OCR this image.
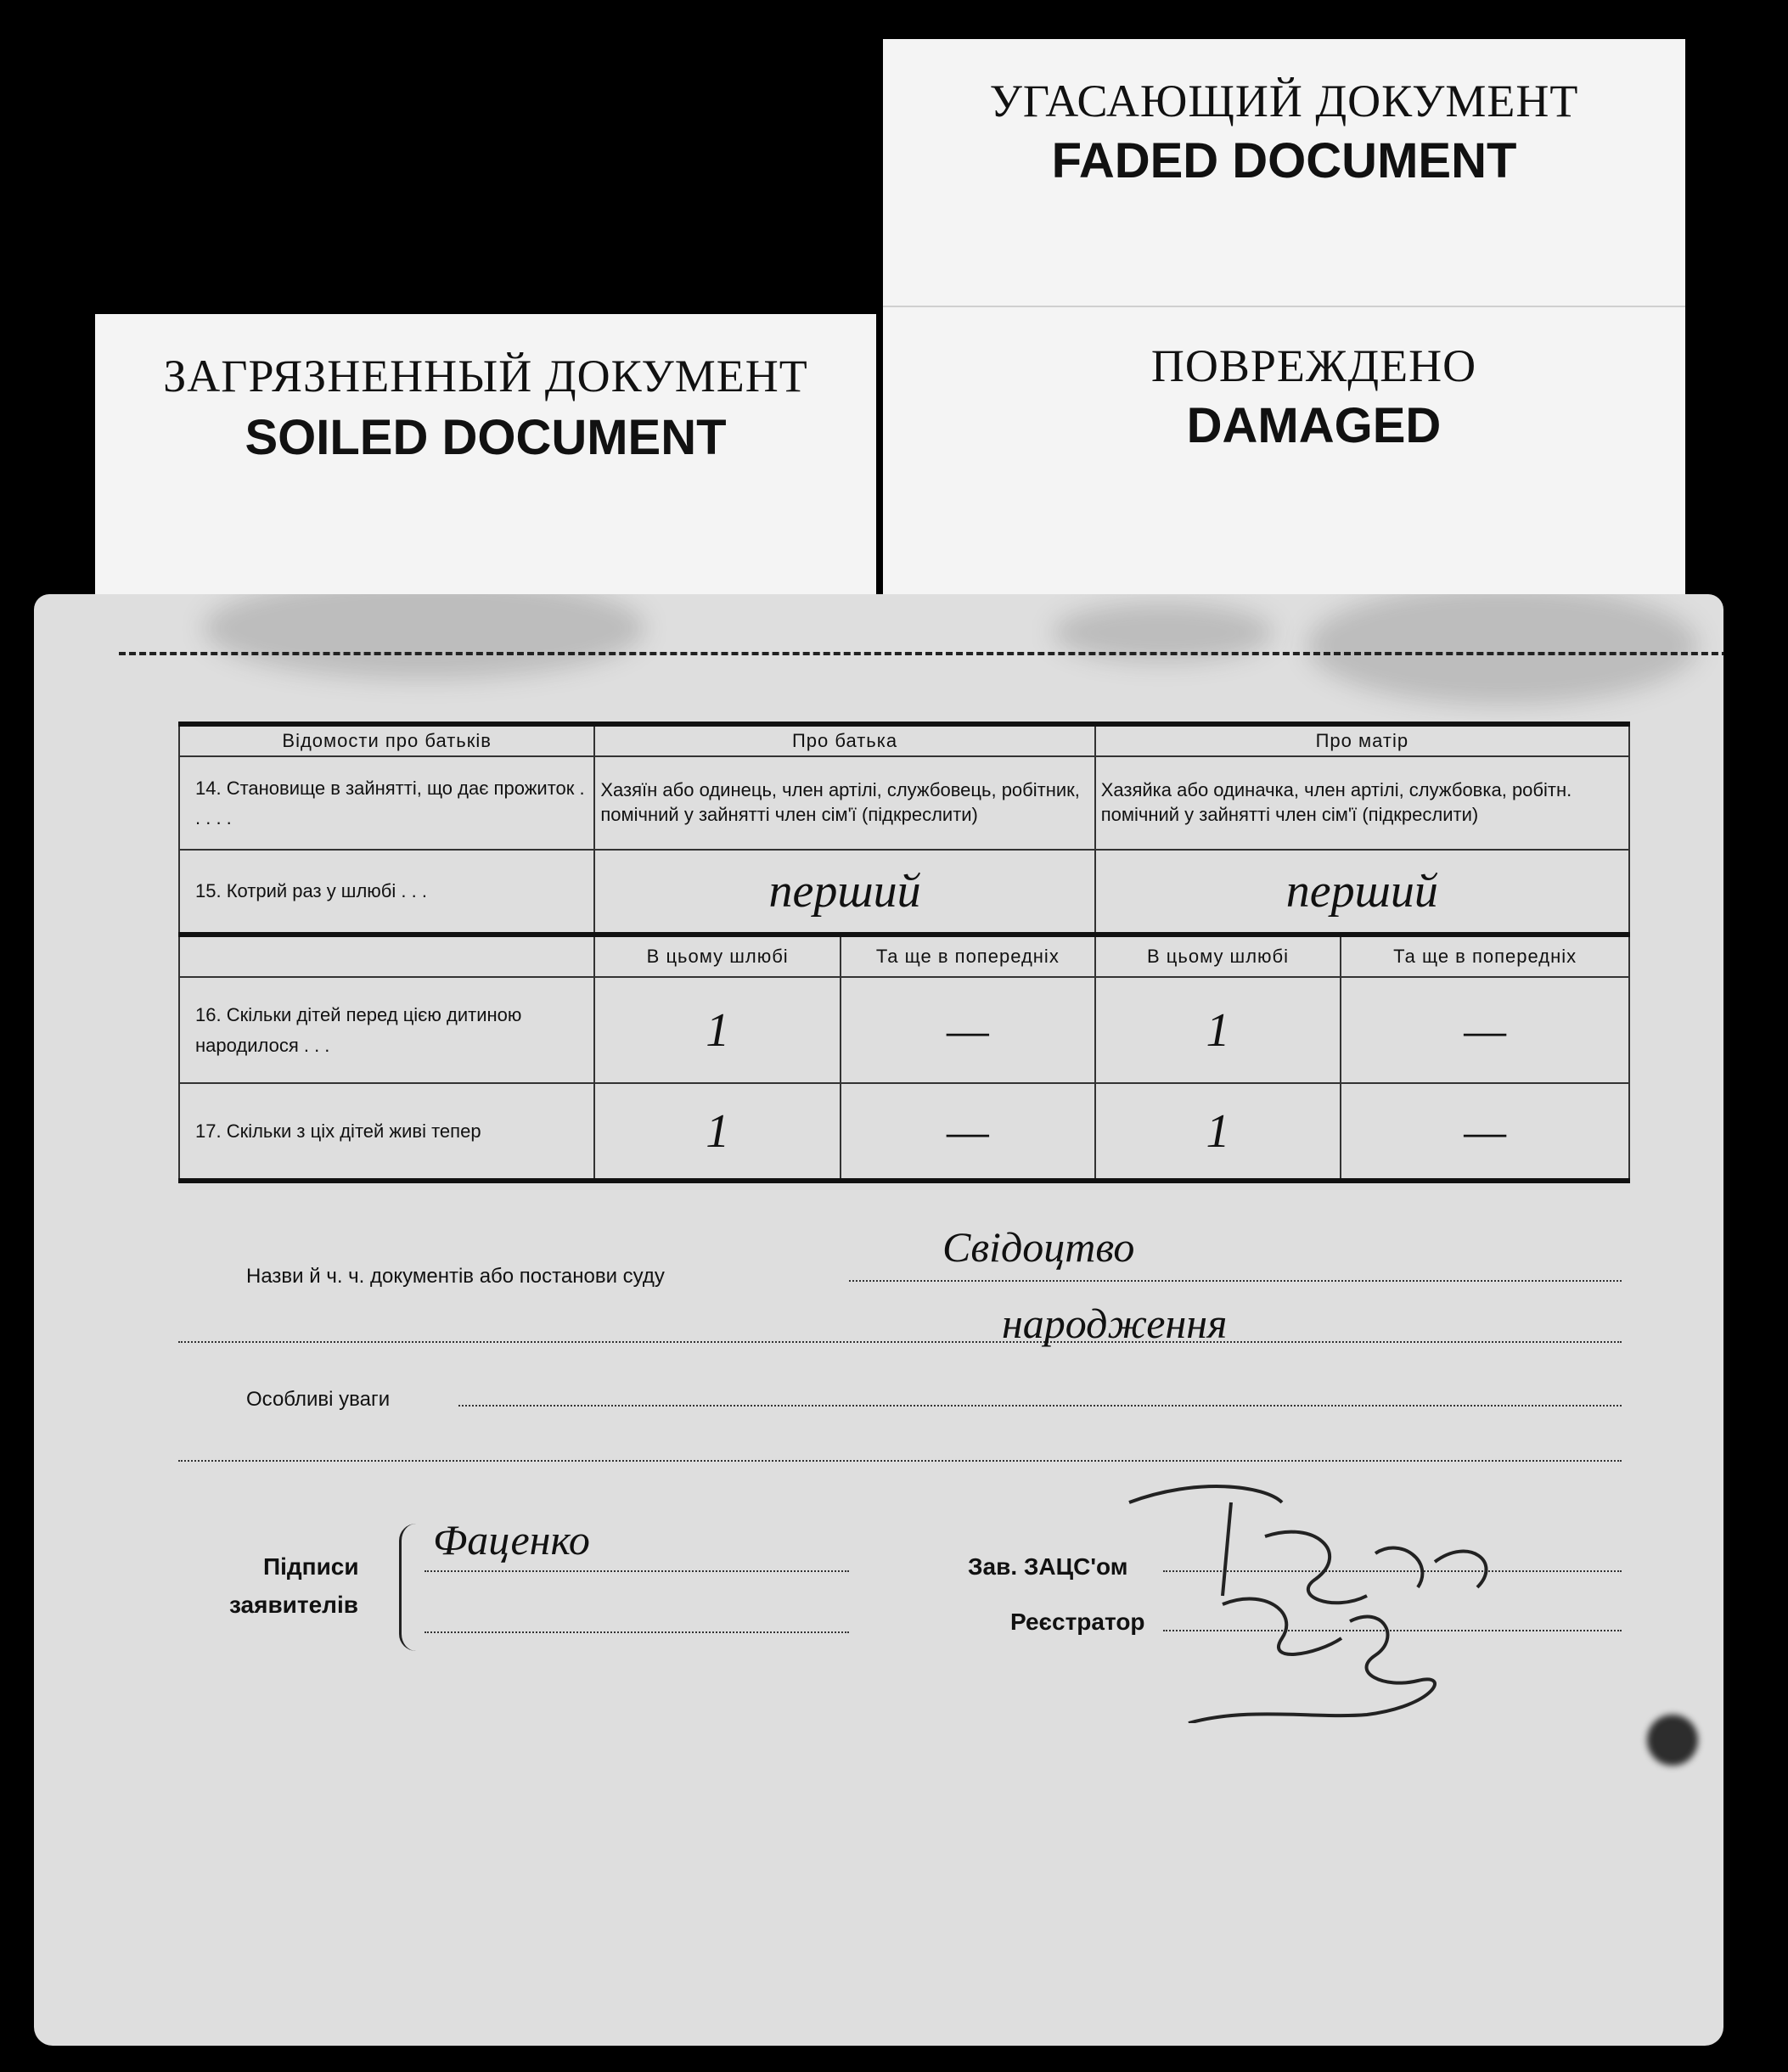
УГАСАЮЩИЙ ДОКУМЕНТ
FADED DOCUMENT
ПОВРЕЖДЕНО
DAMAGED
ЗАГРЯЗНЕННЫЙ ДОКУМЕНТ
SOILED DOCUMENT
Відомости про батьків	Про батька		Про матір	
14. Становище в зайнятті, що дає прожиток . . . . .	Хазяїн або одинець, член артілі, службовець, робітник, помічний у зайнятті член сім'ї (підкреслити)		Хазяйка або одиначка, член артілі, службовка, робітн. помічний у зайнятті член сім'ї (підкреслити)	
15. Котрий раз у шлюбі . . .	перший		перший	
	В цьому шлюбі	Та ще в попередніх	В цьому шлюбі	Та ще в попередніх
16. Скільки дітей перед цією дитиною народилося . . .	1	—	1	—
17. Скільки з ціх дітей живі тепер	1	—	1	—
Назви й ч. ч. документів або постанови суду
Свідоцтво
народження
Особливі уваги
Підписи
заявителів
Фаценко
Зав. ЗАЦС'ом
Реєстратор
